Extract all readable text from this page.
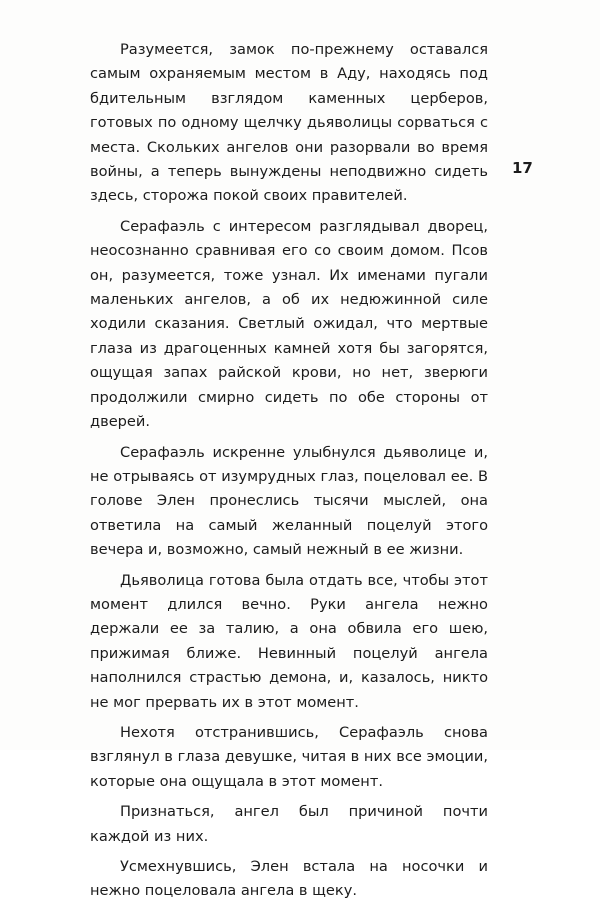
Разумеется, замок по-прежнему оставался самым охраняемым местом в Аду, находясь под бдительным взглядом каменных церберов, готовых по одному щелчку дьяволицы сорваться с места. Скольких ангелов они разорвали во время войны, а теперь вынуждены неподвижно сидеть здесь, сторожа покой своих правителей.

Серафаэль с интересом разглядывал дворец, неосознанно сравнивая его со своим домом. Псов он, разумеется, тоже узнал. Их именами пугали маленьких ангелов, а об их недюжинной силе ходили сказания. Светлый ожидал, что мертвые глаза из драгоценных камней хотя бы загорятся, ощущая запах райской крови, но нет, зверюги продолжили смирно сидеть по обе стороны от дверей.

Серафаэль искренне улыбнулся дьяволице и, не отрываясь от изумрудных глаз, поцеловал ее. В голове Элен пронеслись тысячи мыслей, она ответила на самый желанный поцелуй этого вечера и, возможно, самый нежный в ее жизни.

Дьяволица готова была отдать все, чтобы этот момент длился вечно. Руки ангела нежно держали ее за талию, а она обвила его шею, прижимая ближе. Невинный поцелуй ангела наполнился страстью демона, и, казалось, никто не мог прервать их в этот момент.

Нехотя отстранившись, Серафаэль снова взглянул в глаза девушке, читая в них все эмоции, которые она ощущала в этот момент.

Признаться, ангел был причиной почти каждой из них.

Усмехнувшись, Элен встала на носочки и нежно поцеловала ангела в щеку.

17
